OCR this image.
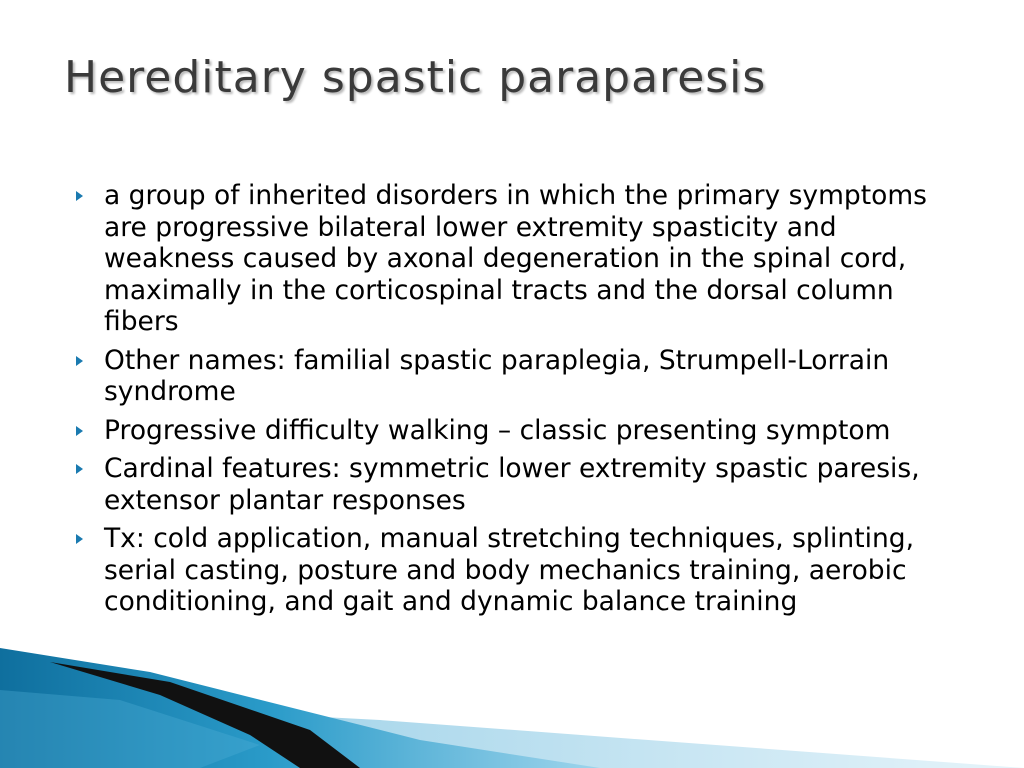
Hereditary spastic paraparesis
a group of inherited disorders in which the primary symptoms are progressive bilateral lower extremity spasticity and weakness caused by axonal degeneration in the spinal cord, maximally in the corticospinal tracts and the dorsal column fibers
Other names: familial spastic paraplegia, Strumpell-Lorrain syndrome
Progressive difficulty walking – classic presenting symptom
Cardinal features: symmetric lower extremity spastic paresis, extensor plantar responses
Tx: cold application, manual stretching techniques, splinting, serial casting, posture and body mechanics training, aerobic conditioning, and gait and dynamic balance training
